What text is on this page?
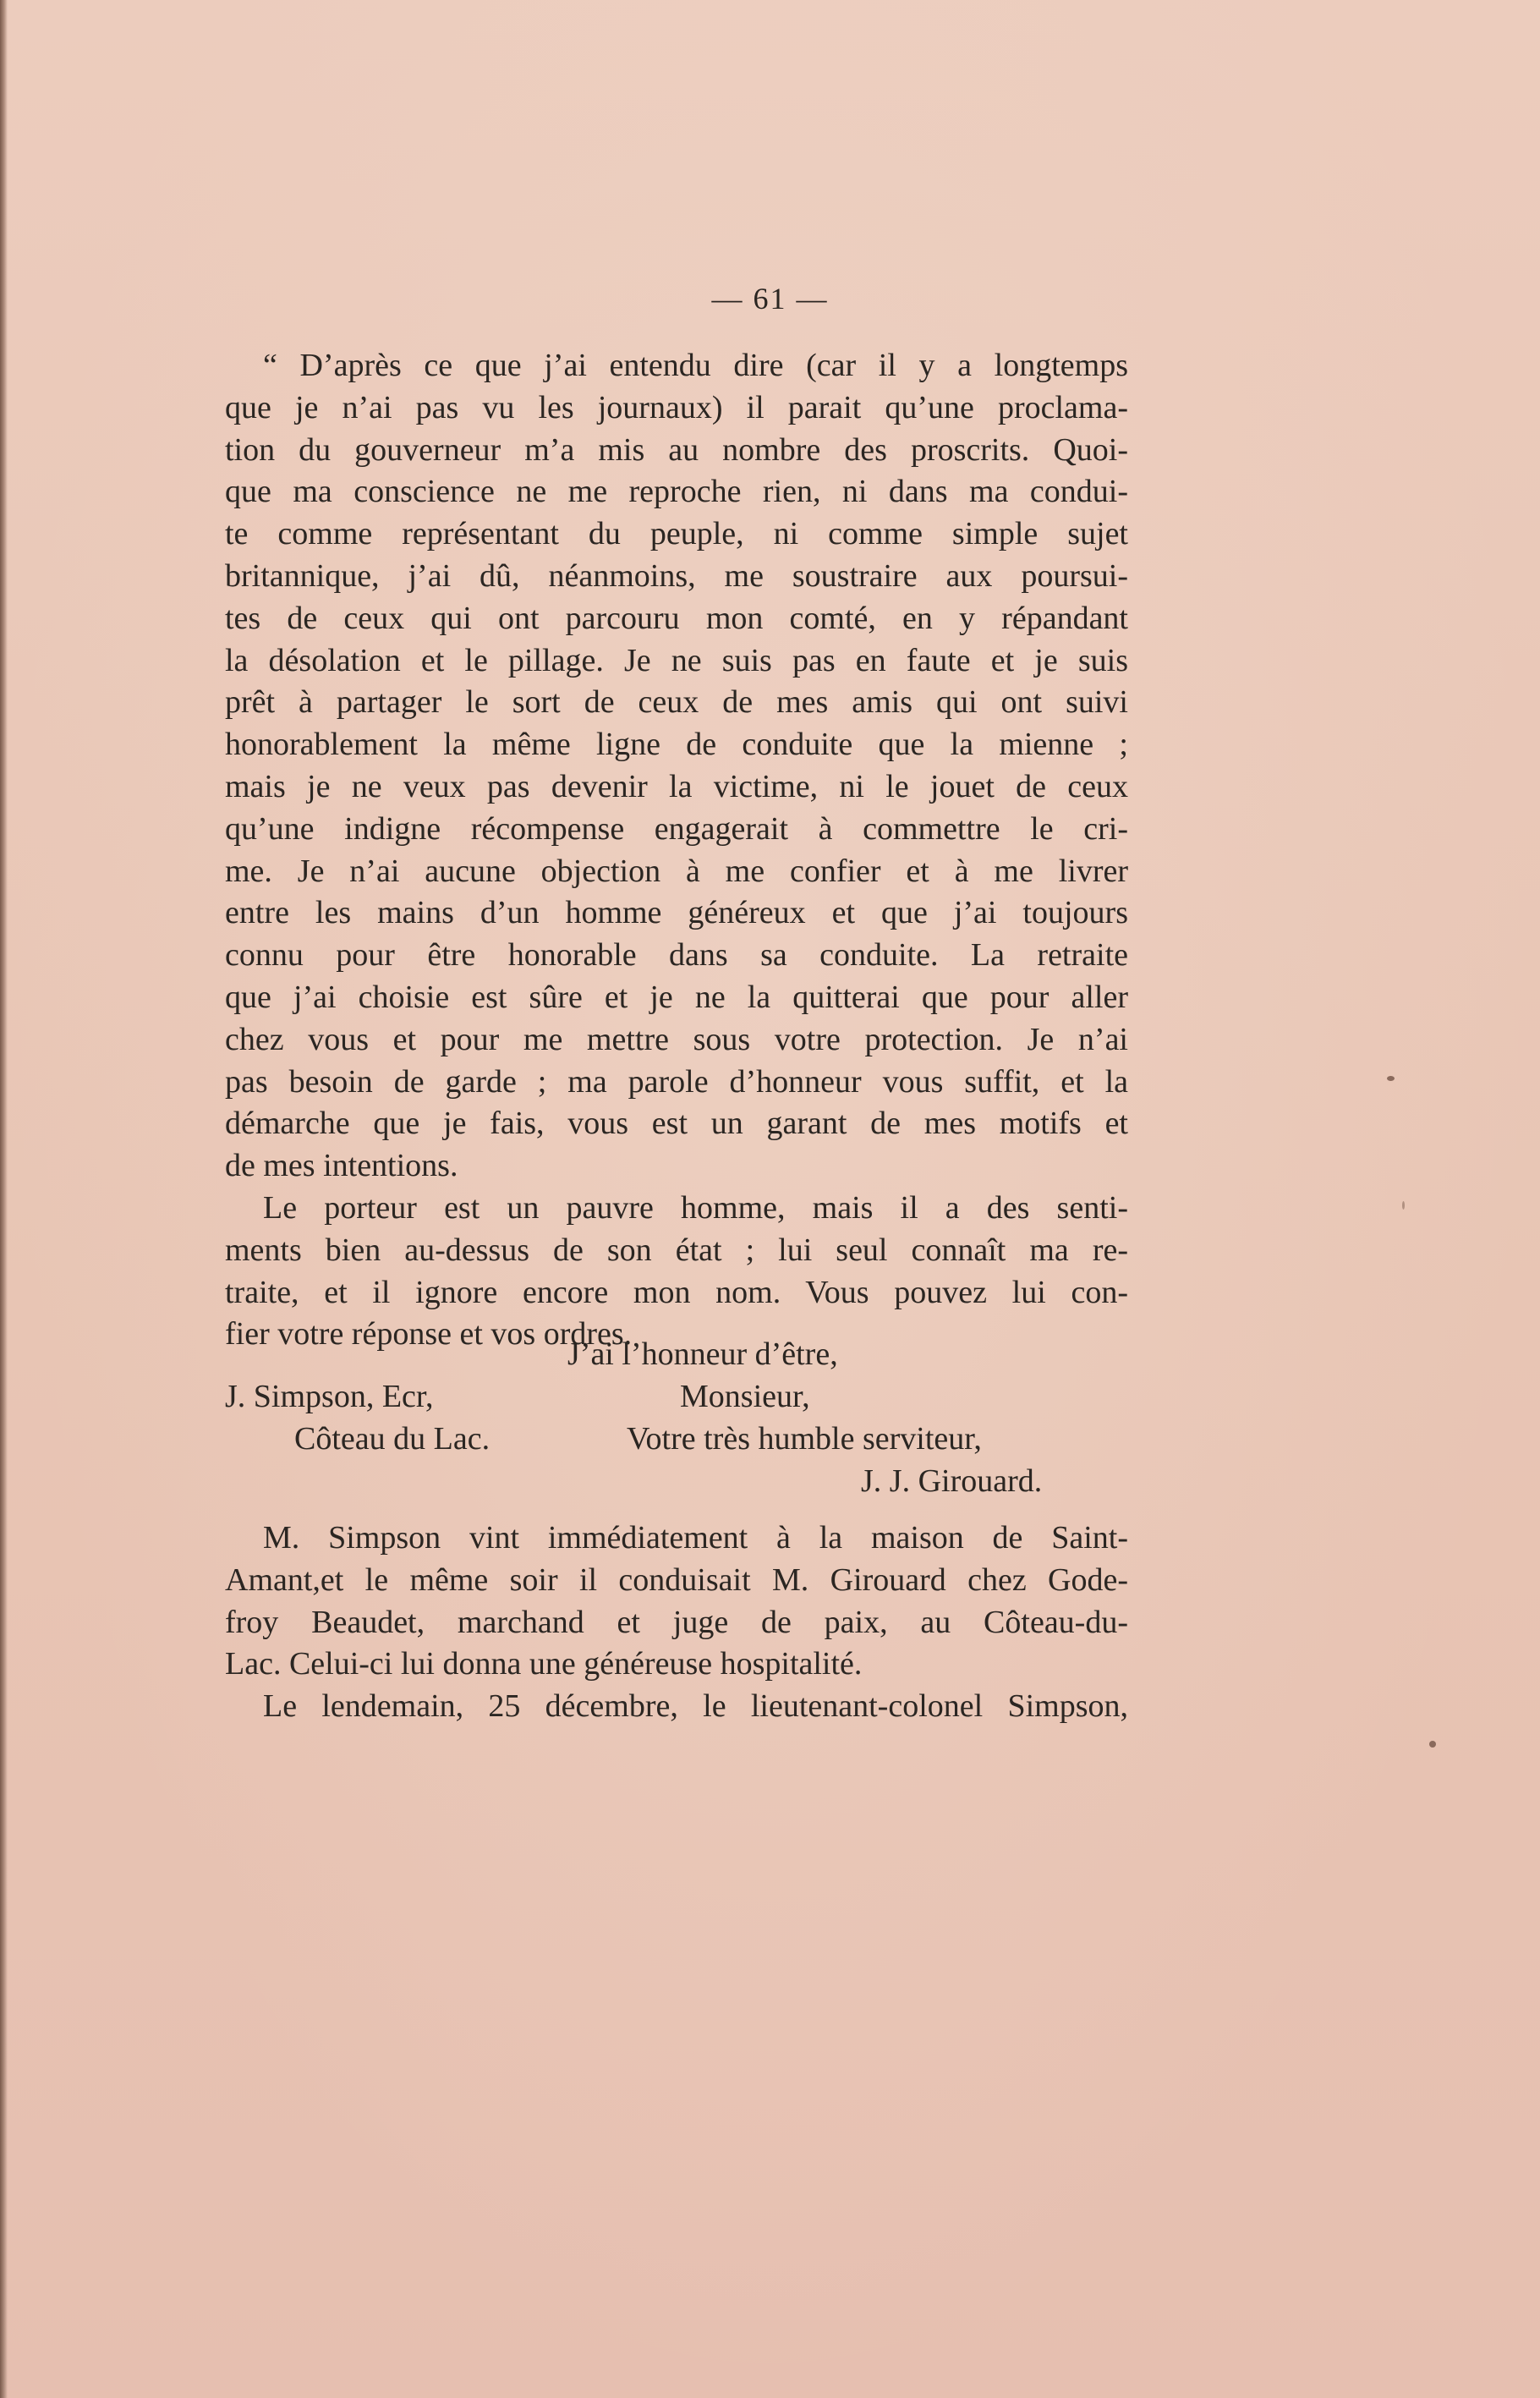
— 61 —
“ D’après ce que j’ai entendu dire (car il y a longtemps
que je n’ai pas vu les journaux) il parait qu’une proclama-
tion du gouverneur m’a mis au nombre des proscrits. Quoi-
que ma conscience ne me reproche rien, ni dans ma condui-
te comme représentant du peuple, ni comme simple sujet
britannique, j’ai dû, néanmoins, me soustraire aux poursui-
tes de ceux qui ont parcouru mon comté, en y répandant
la désolation et le pillage. Je ne suis pas en faute et je suis
prêt à partager le sort de ceux de mes amis qui ont suivi
honorablement la même ligne de conduite que la mienne ;
mais je ne veux pas devenir la victime, ni le jouet de ceux
qu’une indigne récompense engagerait à commettre le cri-
me. Je n’ai aucune objection à me confier et à me livrer
entre les mains d’un homme généreux et que j’ai toujours
connu pour être honorable dans sa conduite. La retraite
que j’ai choisie est sûre et je ne la quitterai que pour aller
chez vous et pour me mettre sous votre protection. Je n’ai
pas besoin de garde ; ma parole d’honneur vous suffit, et la
démarche que je fais, vous est un garant de mes motifs et
de mes intentions.
Le porteur est un pauvre homme, mais il a des senti-
ments bien au-dessus de son état ; lui seul connaît ma re-
traite, et il ignore encore mon nom. Vous pouvez lui con-
fier votre réponse et vos ordres.
J’ai l’honneur d’être,
J. Simpson, Ecr,	Monsieur,
Côteau du Lac.	Votre très humble serviteur,
J. J. Girouard.
M. Simpson vint immédiatement à la maison de Saint-
Amant,et le même soir il conduisait M. Girouard chez Gode-
froy Beaudet, marchand et juge de paix, au Côteau-du-
Lac. Celui-ci lui donna une généreuse hospitalité.
Le lendemain, 25 décembre, le lieutenant-colonel Simpson,
